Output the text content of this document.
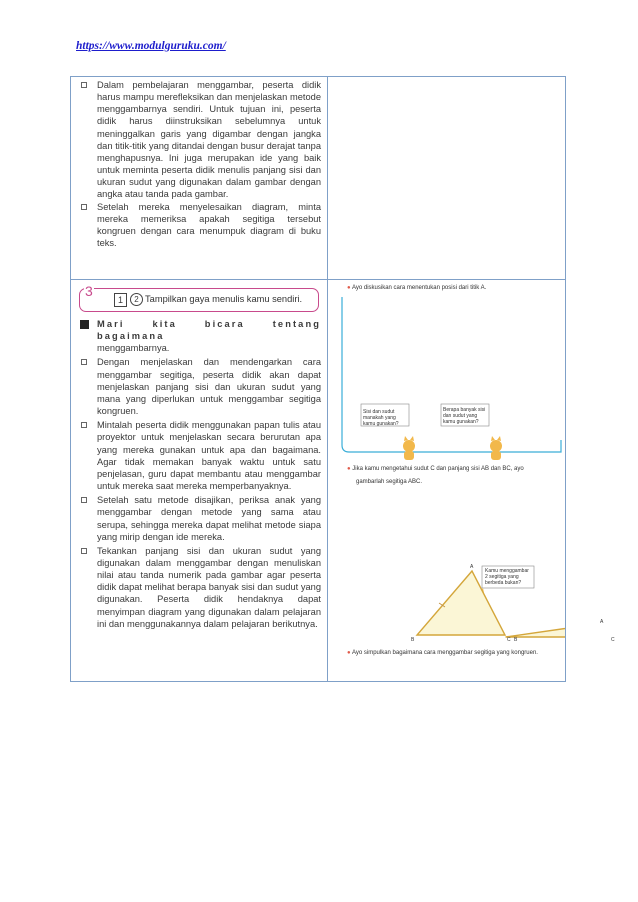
https://www.modulguruku.com/

Dalam pembelajaran menggambar, peserta didik harus mampu merefleksikan dan menjelaskan metode menggambarnya sendiri. Untuk tujuan ini, peserta didik harus diinstruksikan sebelumnya untuk meninggalkan garis yang digambar dengan jangka dan titik-titik yang ditandai dengan busur derajat tanpa menghapusnya. Ini juga merupakan ide yang baik untuk meminta peserta didik menulis panjang sisi dan ukuran sudut yang digunakan dalam gambar dengan angka atau tanda pada gambar.

Setelah mereka menyelesaikan diagram, minta mereka memeriksa apakah segitiga tersebut kongruen dengan cara menumpuk diagram di buku teks.

3
1	2 Tampilkan gaya menulis kamu sendiri.

Mari kita bicara tentang bagaimana
menggambarnya.

Dengan menjelaskan dan mendengarkan cara menggambar segitiga, peserta didik akan dapat menjelaskan panjang sisi dan ukuran sudut yang mana yang diperlukan untuk menggambar segitiga kongruen.

Mintalah peserta didik menggunakan papan tulis atau proyektor untuk menjelaskan secara berurutan apa yang mereka gunakan untuk apa dan bagaimana. Agar tidak memakan banyak waktu untuk satu penjelasan, guru dapat membantu atau menggambar untuk mereka saat mereka memperbanyaknya.

Setelah satu metode disajikan, periksa anak yang menggambar dengan metode yang sama atau serupa, sehingga mereka dapat melihat metode siapa yang mirip dengan ide mereka.

Tekankan panjang sisi dan ukuran sudut yang digunakan dalam menggambar dengan menuliskan nilai atau tanda numerik pada gambar agar peserta didik dapat melihat berapa banyak sisi dan sudut yang digunakan. Peserta didik hendaknya dapat menyimpan diagram yang digunakan dalam pelajaran ini dan menggunakannya dalam pelajaran berikutnya.

● Ayo diskusikan cara menentukan posisi dari titik A.
Sisi dan sudut manakah yang kamu gunakan?
Berapa banyak sisi dan sudut yang kamu gunakan?
● Jika kamu mengetahui sudut C dan panjang sisi AB dan BC, ayo
gambarlah segitiga ABC.
Kamu menggambar 2 segitiga yang berbeda bukan?
A
B	C B
A
C
● Ayo simpulkan bagaimana cara menggambar segitiga yang kongruen.
